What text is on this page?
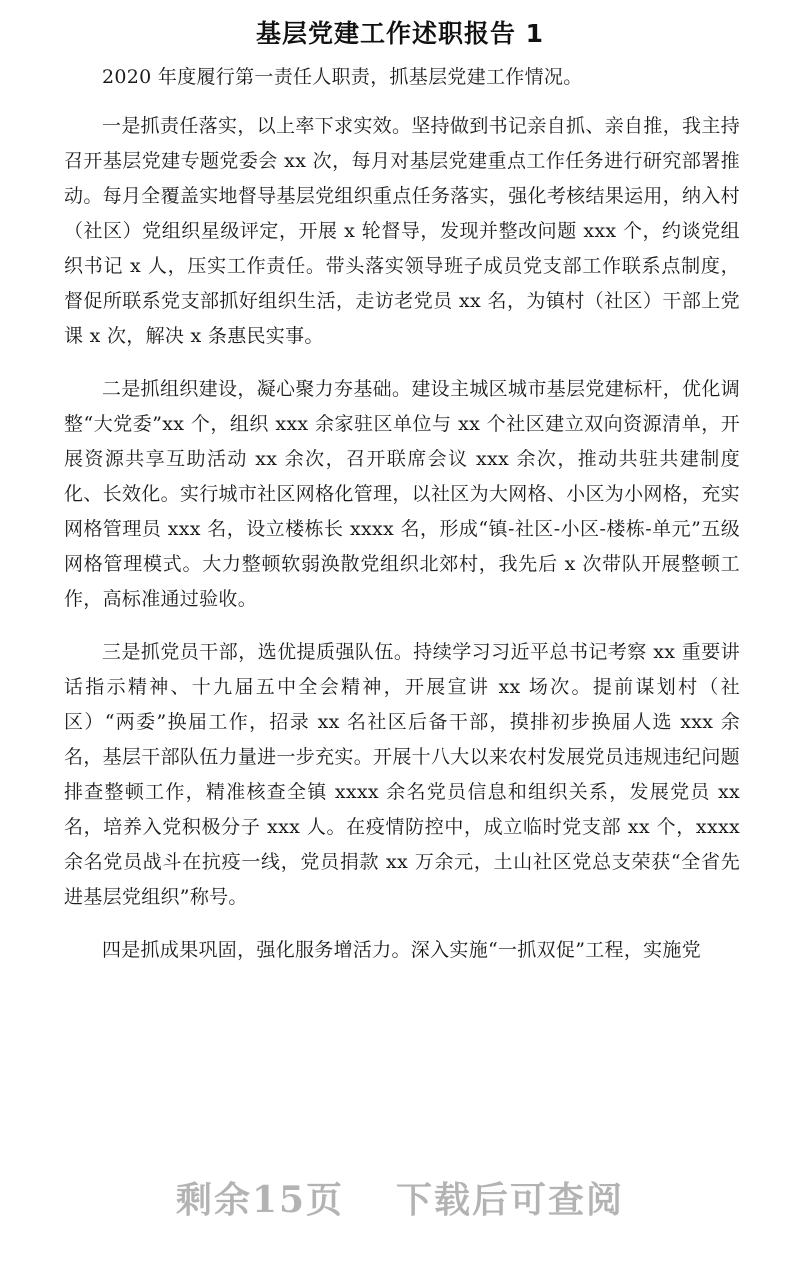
基层党建工作述职报告 1

2020 年度履行第一责任人职责，抓基层党建工作情况。

一是抓责任落实，以上率下求实效。坚持做到书记亲自抓、亲自推，我主持召开基层党建专题党委会 xx 次，每月对基层党建重点工作任务进行研究部署推动。每月全覆盖实地督导基层党组织重点任务落实，强化考核结果运用，纳入村（社区）党组织星级评定，开展 x 轮督导，发现并整改问题 xxx 个，约谈党组织书记 x 人，压实工作责任。带头落实领导班子成员党支部工作联系点制度，督促所联系党支部抓好组织生活，走访老党员 xx 名，为镇村（社区）干部上党课 x 次，解决 x 条惠民实事。

二是抓组织建设，凝心聚力夯基础。建设主城区城市基层党建标杆，优化调整“大党委”xx 个，组织 xxx 余家驻区单位与 xx 个社区建立双向资源清单，开展资源共享互助活动 xx 余次，召开联席会议 xxx 余次，推动共驻共建制度化、长效化。实行城市社区网格化管理，以社区为大网格、小区为小网格，充实网格管理员 xxx 名，设立楼栋长 xxxx 名，形成“镇-社区-小区-楼栋-单元”五级网格管理模式。大力整顿软弱涣散党组织北郊村，我先后 x 次带队开展整顿工作，高标准通过验收。

三是抓党员干部，选优提质强队伍。持续学习习近平总书记考察 xx 重要讲话指示精神、十九届五中全会精神，开展宣讲 xx 场次。提前谋划村（社区）“两委”换届工作，招录 xx 名社区后备干部，摸排初步换届人选 xxx 余名，基层干部队伍力量进一步充实。开展十八大以来农村发展党员违规违纪问题排查整顿工作，精准核查全镇 xxxx 余名党员信息和组织关系，发展党员 xx 名，培养入党积极分子 xxx 人。在疫情防控中，成立临时党支部 xx 个，xxxx 余名党员战斗在抗疫一线，党员捐款 xx 万余元，土山社区党总支荣获“全省先进基层党组织”称号。

四是抓成果巩固，强化服务增活力。深入实施“一抓双促”工程，实施党

剩余15页 下载后可查阅
